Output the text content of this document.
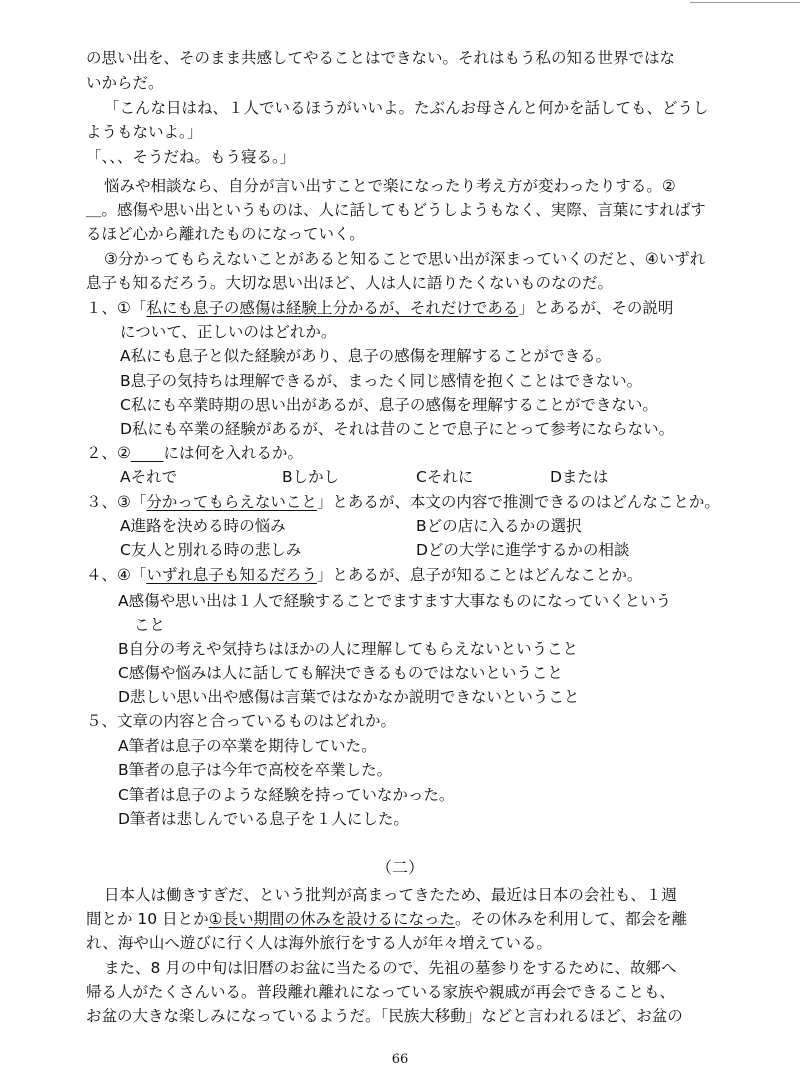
の思い出を、そのまま共感してやることはできない。それはもう私の知る世界ではな
いからだ。
「こんな日はね、１人でいるほうがいいよ。たぶんお母さんと何かを話しても、どうし
ようもないよ。」
「、、、そうだね。もう寝る。」
悩みや相談なら、自分が言い出すことで楽になったり考え方が変わったりする。②
＿。感傷や思い出というものは、人に話してもどうしようもなく、実際、言葉にすればす
るほど心から離れたものになっていく。
③分かってもらえないことがあると知ることで思い出が深まっていくのだと、④いずれ
息子も知るだろう。大切な思い出ほど、人は人に語りたくないものなのだ。
１、①「私にも息子の感傷は経験上分かるが、それだけである」とあるが、その説明
について、正しいのはどれか。
A私にも息子と似た経験があり、息子の感傷を理解することができる。
B息子の気持ちは理解できるが、まったく同じ感情を抱くことはできない。
C私にも卒業時期の思い出があるが、息子の感傷を理解することができない。
D私にも卒業の経験があるが、それは昔のことで息子にとって参考にならない。
２、②　　  には何を入れるか。
Aそれで	Bしかし	Cそれに	Dまたは
３、③「分かってもらえないこと」とあるが、本文の内容で推測できるのはどんなことか。
A進路を決める時の悩み	Bどの店に入るかの選択
C友人と別れる時の悲しみ	Dどの大学に進学するかの相談
４、④「いずれ息子も知るだろう」とあるが、息子が知ることはどんなことか。
A感傷や思い出は１人で経験することでますます大事なものになっていくという
こと
B自分の考えや気持ちはほかの人に理解してもらえないということ
C感傷や悩みは人に話しても解決できるものではないということ
D悲しい思い出や感傷は言葉ではなかなか説明できないということ
５、文章の内容と合っているものはどれか。
A筆者は息子の卒業を期待していた。
B筆者の息子は今年で高校を卒業した。
C筆者は息子のような経験を持っていなかった。
D筆者は悲しんでいる息子を１人にした。
（二）
日本人は働きすぎだ、という批判が高まってきたため、最近は日本の会社も、１週
間とか 10 日とか①長い期間の休みを設けるになった。その休みを利用して、都会を離
れ、海や山へ遊びに行く人は海外旅行をする人が年々増えている。
また、8 月の中旬は旧暦のお盆に当たるので、先祖の墓参りをするために、故郷へ
帰る人がたくさんいる。普段離れ離れになっている家族や親戚が再会できることも、
お盆の大きな楽しみになっているようだ。「民族大移動」などと言われるほど、お盆の
66
